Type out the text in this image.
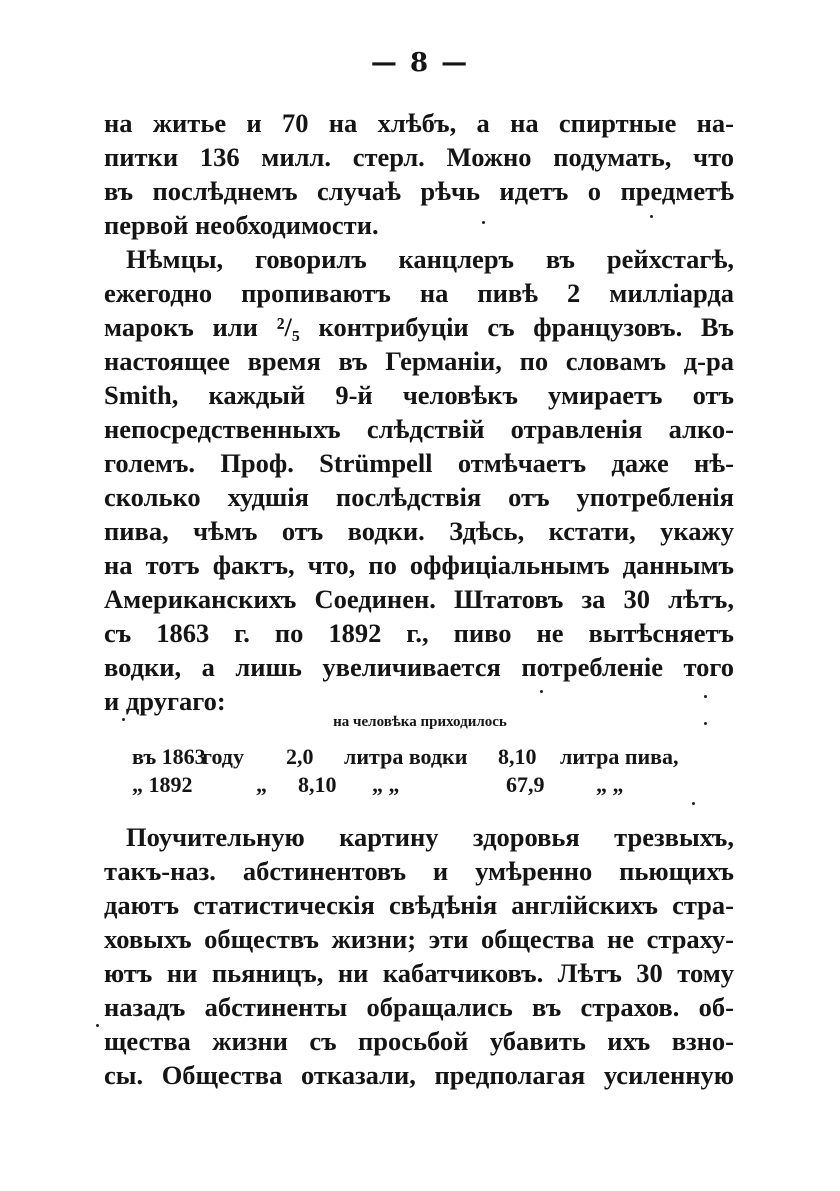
— 8 —
на житье и 70 на хлѣбъ, а на спиртные на-
питки 136 милл. стерл. Можно подумать, что
въ послѣднемъ случаѣ рѣчь идетъ о предметѣ
первой необходимости.
Нѣмцы, говорилъ канцлеръ въ рейхстагѣ,
ежегодно пропиваютъ на пивѣ 2 милліарда
марокъ или ²/₅ контрибуціи съ французовъ. Въ
настоящее время въ Германіи, по словамъ д-ра
Smith, каждый 9-й человѣкъ умираетъ отъ
непосредственныхъ слѣдствій отравленія алко-
големъ. Проф. Strümpell отмѣчаетъ даже нѣ-
сколько худшія послѣдствія отъ употребленія
пива, чѣмъ отъ водки. Здѣсь, кстати, укажу
на тотъ фактъ, что, по оффиціальнымъ даннымъ
Американскихъ Соединен. Штатовъ за 30 лѣтъ,
съ 1863 г. по 1892 г., пиво не вытѣсняетъ
водки, а лишь увеличивается потребленіе того
и другаго:
на человѣка приходилось
въ 1863
году 2,0 литра водки 8,10 литра пива,
„ 1892	„ 8,10 „ „	67,9 „ „
Поучительную картину здоровья трезвыхъ,
такъ-наз. абстинентовъ и умѣренно пьющихъ
даютъ статистическія свѣдѣнія англійскихъ стра-
ховыхъ обществъ жизни; эти общества не страху-
ютъ ни пьяницъ, ни кабатчиковъ. Лѣтъ 30 тому
назадъ абстиненты обращались въ страхов. об-
щества жизни съ просьбой убавить ихъ взно-
сы. Общества отказали, предполагая усиленную
